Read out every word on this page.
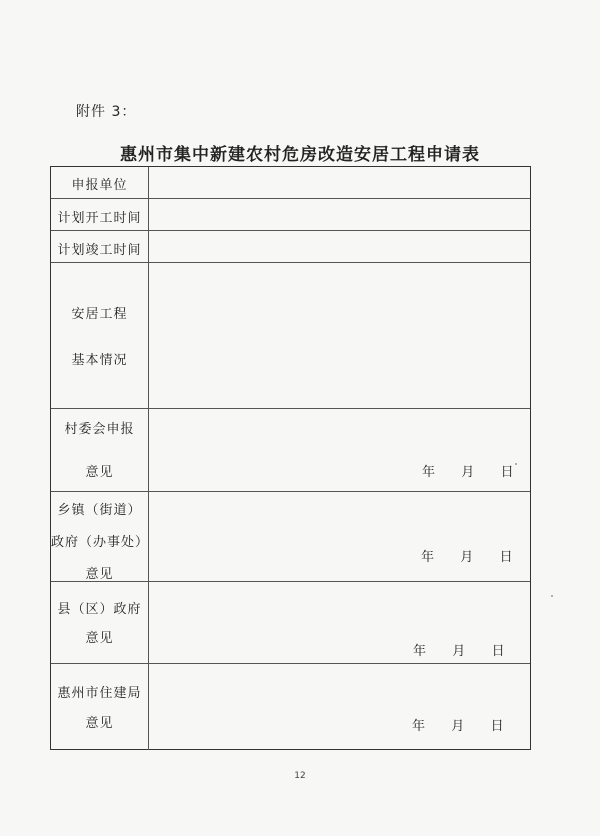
附件 3：
惠州市集中新建农村危房改造安居工程申请表
申报单位
计划开工时间
计划竣工时间
安居工程
基本情况
村委会申报
意见	年 月 日
乡镇（街道）
政府（办事处）
意见
年 月 日
县（区）政府
意见
年 月 日
惠州市住建局
意见	年 月 日
12
